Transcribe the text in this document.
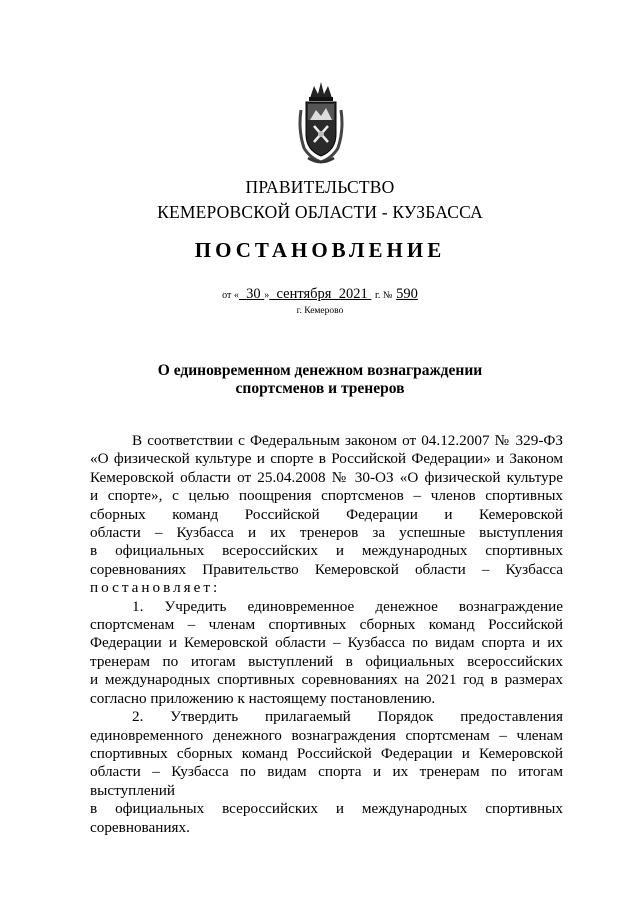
ПРАВИТЕЛЬСТВО
КЕМЕРОВСКОЙ ОБЛАСТИ - КУЗБАССА
ПОСТАНОВЛЕНИЕ
от « 30 » сентября 2021 г. № 590
г. Кемерово
О единовременном денежном вознаграждении
спортсменов и тренеров

В соответствии с Федеральным законом от 04.12.2007 № 329-ФЗ

«О физической культуре и спорте в Российской Федерации» и Законом

Кемеровской области от 25.04.2008 № 30-ОЗ «О физической культуре

и спорте», с целью поощрения спортсменов – членов спортивных

сборных команд Российской Федерации и Кемеровской

области – Кузбасса и их тренеров за успешные выступления

в официальных всероссийских и международных спортивных

соревнованиях Правительство Кемеровской области – Кузбасса

постановляет:

1. Учредить единовременное денежное вознаграждение

спортсменам – членам спортивных сборных команд Российской

Федерации и Кемеровской области – Кузбасса по видам спорта и их

тренерам по итогам выступлений в официальных всероссийских

и международных спортивных соревнованиях на 2021 год в размерах

согласно приложению к настоящему постановлению.

2. Утвердить прилагаемый Порядок предоставления

единовременного денежного вознаграждения спортсменам – членам

спортивных сборных команд Российской Федерации и Кемеровской

области – Кузбасса по видам спорта и их тренерам по итогам выступлений

в официальных всероссийских и международных спортивных

соревнованиях.
